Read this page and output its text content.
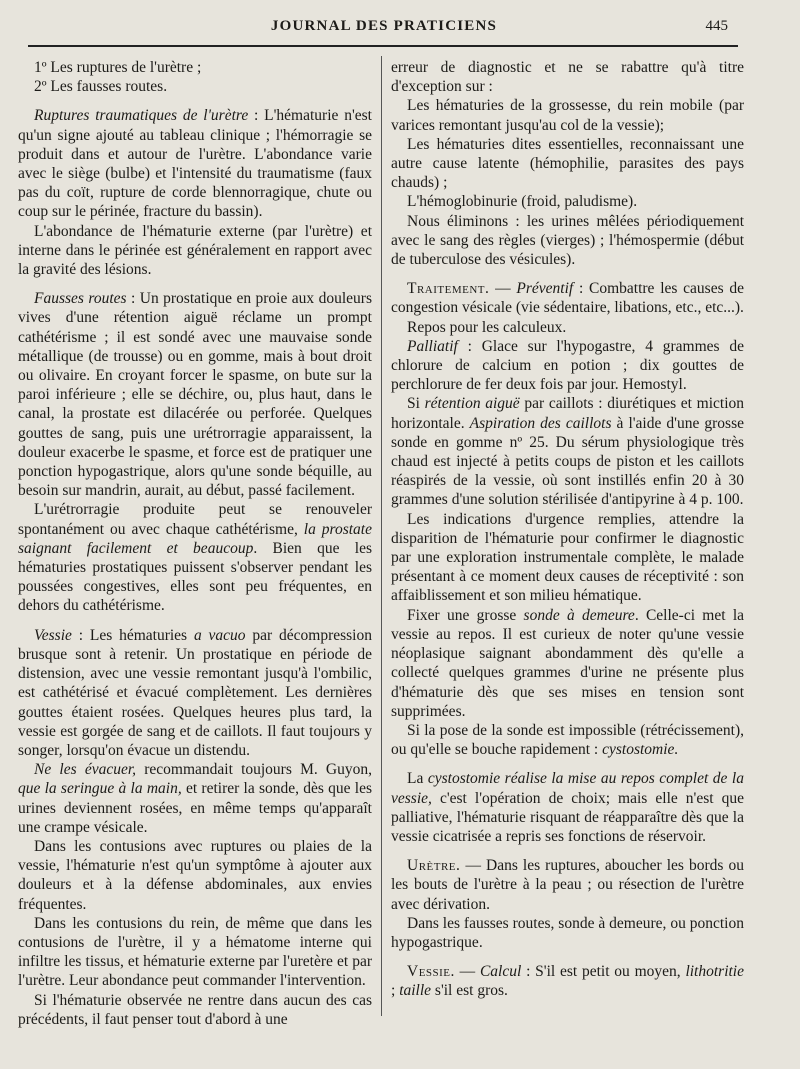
JOURNAL DES PRATICIENS	445

1º Les ruptures de l'urètre ;

2º Les fausses routes.

Ruptures traumatiques de l'urètre : L'hématurie n'est qu'un signe ajouté au tableau clinique ; l'hémorragie se produit dans et autour de l'urètre. L'abondance varie avec le siège (bulbe) et l'intensité du traumatisme (faux pas du coït, rupture de corde blennorragique, chute ou coup sur le périnée, fracture du bassin).

L'abondance de l'hématurie externe (par l'urètre) et interne dans le périnée est généralement en rapport avec la gravité des lésions.

Fausses routes : Un prostatique en proie aux douleurs vives d'une rétention aiguë réclame un prompt cathétérisme ; il est sondé avec une mauvaise sonde métallique (de trousse) ou en gomme, mais à bout droit ou olivaire. En croyant forcer le spasme, on bute sur la paroi inférieure ; elle se déchire, ou, plus haut, dans le canal, la prostate est dilacérée ou perforée. Quelques gouttes de sang, puis une urétrorragie apparaissent, la douleur exacerbe le spasme, et force est de pratiquer une ponction hypogastrique, alors qu'une sonde béquille, au besoin sur mandrin, aurait, au début, passé facilement.

L'urétrorragie produite peut se renouveler spontanément ou avec chaque cathétérisme, la prostate saignant facilement et beaucoup. Bien que les hématuries prostatiques puissent s'observer pendant les poussées congestives, elles sont peu fréquentes, en dehors du cathétérisme.

Vessie : Les hématuries a vacuo par décompression brusque sont à retenir. Un prostatique en période de distension, avec une vessie remontant jusqu'à l'ombilic, est cathétérisé et évacué complètement. Les dernières gouttes étaient rosées. Quelques heures plus tard, la vessie est gorgée de sang et de caillots. Il faut toujours y songer, lorsqu'on évacue un distendu.

Ne les évacuer, recommandait toujours M. Guyon, que la seringue à la main, et retirer la sonde, dès que les urines deviennent rosées, en même temps qu'apparaît une crampe vésicale.

Dans les contusions avec ruptures ou plaies de la vessie, l'hématurie n'est qu'un symptôme à ajouter aux douleurs et à la défense abdominales, aux envies fréquentes.

Dans les contusions du rein, de même que dans les contusions de l'urètre, il y a hématome interne qui infiltre les tissus, et hématurie externe par l'uretère et par l'urètre. Leur abondance peut commander l'intervention.

Si l'hématurie observée ne rentre dans aucun des cas précédents, il faut penser tout d'abord à une

erreur de diagnostic et ne se rabattre qu'à titre d'exception sur :

Les hématuries de la grossesse, du rein mobile (par varices remontant jusqu'au col de la vessie);

Les hématuries dites essentielles, reconnaissant une autre cause latente (hémophilie, parasites des pays chauds) ;

L'hémoglobinurie (froid, paludisme).

Nous éliminons : les urines mêlées périodiquement avec le sang des règles (vierges) ; l'hémospermie (début de tuberculose des vésicules).

Traitement. — Préventif : Combattre les causes de congestion vésicale (vie sédentaire, libations, etc., etc...).

Repos pour les calculeux.

Palliatif : Glace sur l'hypogastre, 4 grammes de chlorure de calcium en potion ; dix gouttes de perchlorure de fer deux fois par jour. Hemostyl.

Si rétention aiguë par caillots : diurétiques et miction horizontale. Aspiration des caillots à l'aide d'une grosse sonde en gomme nº 25. Du sérum physiologique très chaud est injecté à petits coups de piston et les caillots réaspirés de la vessie, où sont instillés enfin 20 à 30 grammes d'une solution stérilisée d'antipyrine à 4 p. 100.

Les indications d'urgence remplies, attendre la disparition de l'hématurie pour confirmer le diagnostic par une exploration instrumentale complète, le malade présentant à ce moment deux causes de réceptivité : son affaiblissement et son milieu hématique.

Fixer une grosse sonde à demeure. Celle-ci met la vessie au repos. Il est curieux de noter qu'une vessie néoplasique saignant abondamment dès qu'elle a collecté quelques grammes d'urine ne présente plus d'hématurie dès que ses mises en tension sont supprimées.

Si la pose de la sonde est impossible (rétrécissement), ou qu'elle se bouche rapidement : cystostomie.

La cystostomie réalise la mise au repos complet de la vessie, c'est l'opération de choix; mais elle n'est que palliative, l'hématurie risquant de réapparaître dès que la vessie cicatrisée a repris ses fonctions de réservoir.

Urètre. — Dans les ruptures, aboucher les bords ou les bouts de l'urètre à la peau ; ou résection de l'urètre avec dérivation.

Dans les fausses routes, sonde à demeure, ou ponction hypogastrique.

Vessie. — Calcul : S'il est petit ou moyen, lithotritie ; taille s'il est gros.
